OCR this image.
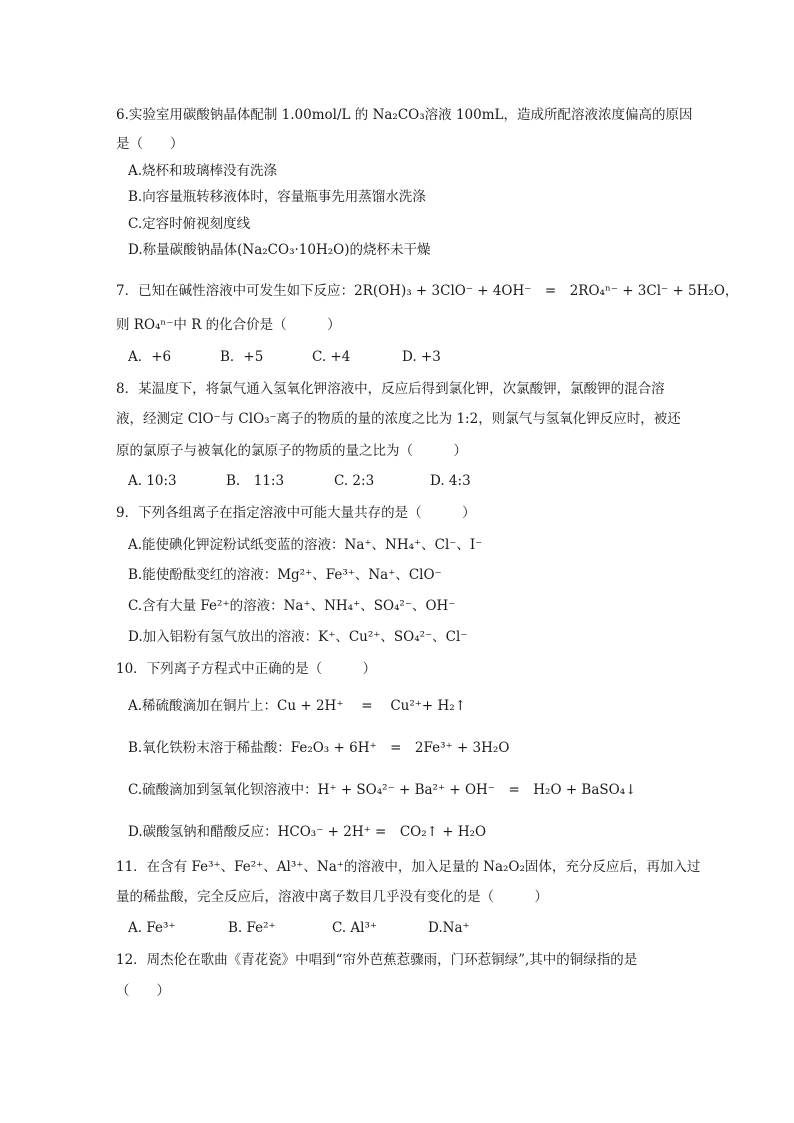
6.实验室用碳酸钠晶体配制 1.00mol/L 的 Na₂CO₃溶液 100mL，造成所配溶液浓度偏高的原因
是（　　）
A.烧杯和玻璃棒没有洗涤
B.向容量瓶转移液体时，容量瓶事先用蒸馏水洗涤
C.定容时俯视刻度线
D.称量碳酸钠晶体(Na₂CO₃·10H₂O)的烧杯未干燥
7．已知在碱性溶液中可发生如下反应：2R(OH)₃ + 3ClO⁻ + 4OH⁻　=　2RO₄ⁿ⁻ + 3Cl⁻ + 5H₂O，
则 RO₄ⁿ⁻中 R 的化合价是（　　　）
A．+6	B．+5	C. +4	D. +3
8．某温度下，将氯气通入氢氧化钾溶液中，反应后得到氯化钾，次氯酸钾，氯酸钾的混合溶
液，经测定 ClO⁻与 ClO₃⁻离子的物质的量的浓度之比为 1:2，则氯气与氢氧化钾反应时，被还
原的氯原子与被氧化的氯原子的物质的量之比为（　　　）
A. 10:3	B.　11:3	C. 2:3	D. 4:3
9．下列各组离子在指定溶液中可能大量共存的是（　　　）
A.能使碘化钾淀粉试纸变蓝的溶液：Na⁺、NH₄⁺、Cl⁻、I⁻
B.能使酚酞变红的溶液：Mg²⁺、Fe³⁺、Na⁺、ClO⁻
C.含有大量 Fe²⁺的溶液：Na⁺、NH₄⁺、SO₄²⁻、OH⁻
D.加入铝粉有氢气放出的溶液：K⁺、Cu²⁺、SO₄²⁻、Cl⁻
10．下列离子方程式中正确的是（　　　）
A.稀硫酸滴加在铜片上：Cu + 2H⁺　 =　 Cu²⁺+ H₂↑
B.氧化铁粉末溶于稀盐酸：Fe₂O₃ + 6H⁺　=　2Fe³⁺ + 3H₂O
C.硫酸滴加到氢氧化钡溶液中：H⁺ + SO₄²⁻ + Ba²⁺ + OH⁻　=　H₂O + BaSO₄↓
D.碳酸氢钠和醋酸反应：HCO₃⁻ + 2H⁺ =　CO₂↑ + H₂O
11．在含有 Fe³⁺、Fe²⁺、Al³⁺、Na⁺的溶液中，加入足量的 Na₂O₂固体，充分反应后，再加入过
量的稀盐酸，完全反应后，溶液中离子数目几乎没有变化的是（　　　）
A. Fe³⁺	B. Fe²⁺	C. Al³⁺	D.Na⁺
12．周杰伦在歌曲《青花瓷》中唱到“帘外芭蕉惹骤雨，门环惹铜绿”,其中的铜绿指的是
（　　）
